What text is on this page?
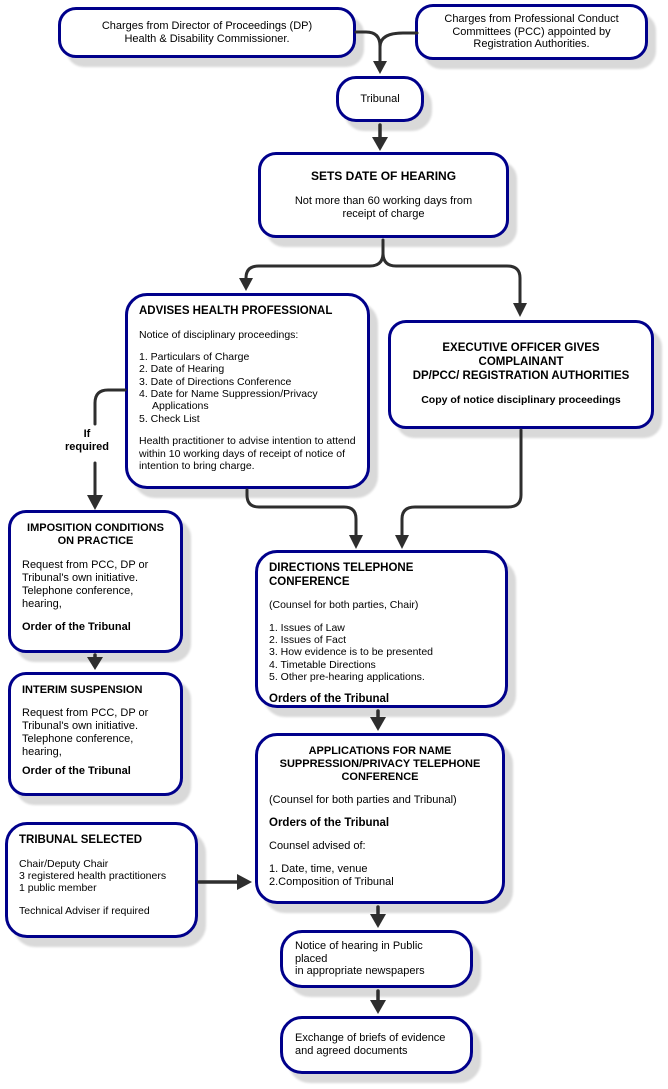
Charges from Director of Proceedings (DP)
Health & Disability Commissioner.
Charges from Professional Conduct
Committees (PCC) appointed by
Registration Authorities.
Tribunal
SETS DATE OF HEARING
Not more than 60 working days from
receipt of charge
ADVISES HEALTH PROFESSIONAL
Notice of disciplinary proceedings:
1. Particulars of Charge
2. Date of Hearing
3. Date of Directions Conference
4. Date for Name Suppression/Privacy Applications
5. Check List
Health practitioner to advise intention to attend within 10 working days of receipt of notice of intention to bring charge.
EXECUTIVE OFFICER GIVES COMPLAINANT
DP/PCC/ REGISTRATION AUTHORITIES
Copy of notice disciplinary proceedings
If
required
IMPOSITION CONDITIONS
ON PRACTICE
Request from PCC, DP or Tribunal's own initiative. Telephone conference, hearing,
Order of the Tribunal
INTERIM SUSPENSION
Request from PCC, DP or Tribunal's own initiative. Telephone conference, hearing,
Order of the Tribunal
TRIBUNAL SELECTED
Chair/Deputy Chair
3 registered health practitioners
1 public member
Technical Adviser if required
DIRECTIONS TELEPHONE CONFERENCE
(Counsel for both parties, Chair)
1. Issues of Law
2. Issues of Fact
3. How evidence is to be presented
4. Timetable Directions
5. Other pre-hearing applications.
Orders of the Tribunal
APPLICATIONS FOR NAME
SUPPRESSION/PRIVACY TELEPHONE
CONFERENCE
(Counsel for both parties and Tribunal)
Orders of the Tribunal
Counsel advised of:
1. Date, time, venue
2.Composition of Tribunal
Notice of hearing in Public placed
in appropriate newspapers
Exchange of briefs of evidence
and agreed documents
